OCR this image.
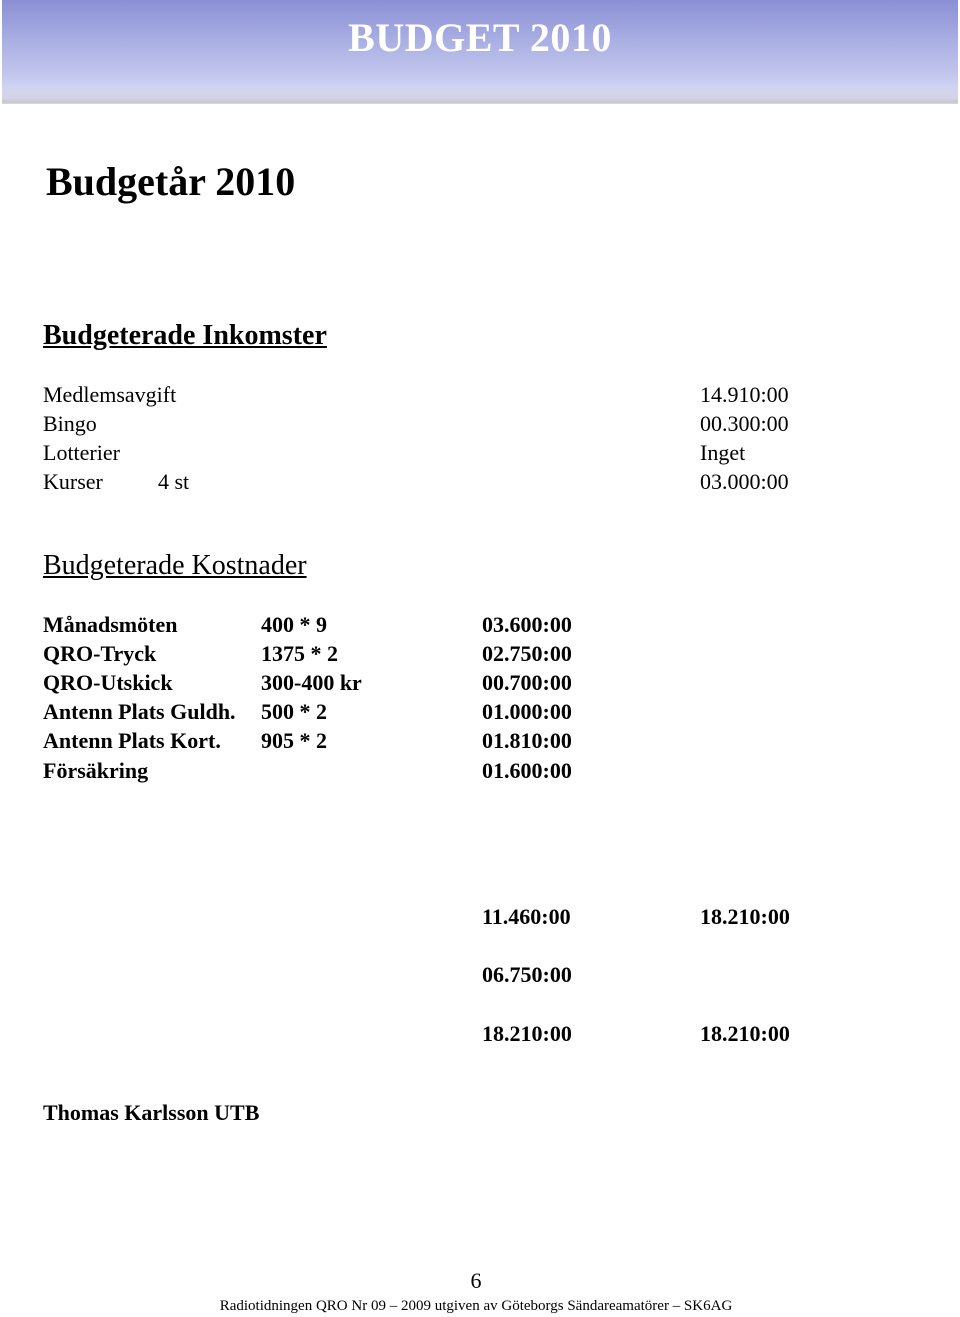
BUDGET 2010
Budgetår 2010
Budgeterade Inkomster
Medlemsavgift	14.910:00
Bingo	00.300:00
Lotterier	Inget
Kurser	4 st	03.000:00
Budgeterade Kostnader
Månadsmöten	400 * 9	03.600:00
QRO-Tryck	1375 * 2	02.750:00
QRO-Utskick	300-400 kr	00.700:00
Antenn Plats Guldh. 500 * 2	01.000:00
Antenn Plats Kort. 905 * 2	01.810:00
Försäkring	01.600:00
11.460:00	18.210:00
06.750:00
18.210:00	18.210:00
Thomas Karlsson UTB
6
Radiotidningen QRO Nr 09 – 2009 utgiven av Göteborgs Sändareamatörer – SK6AG
